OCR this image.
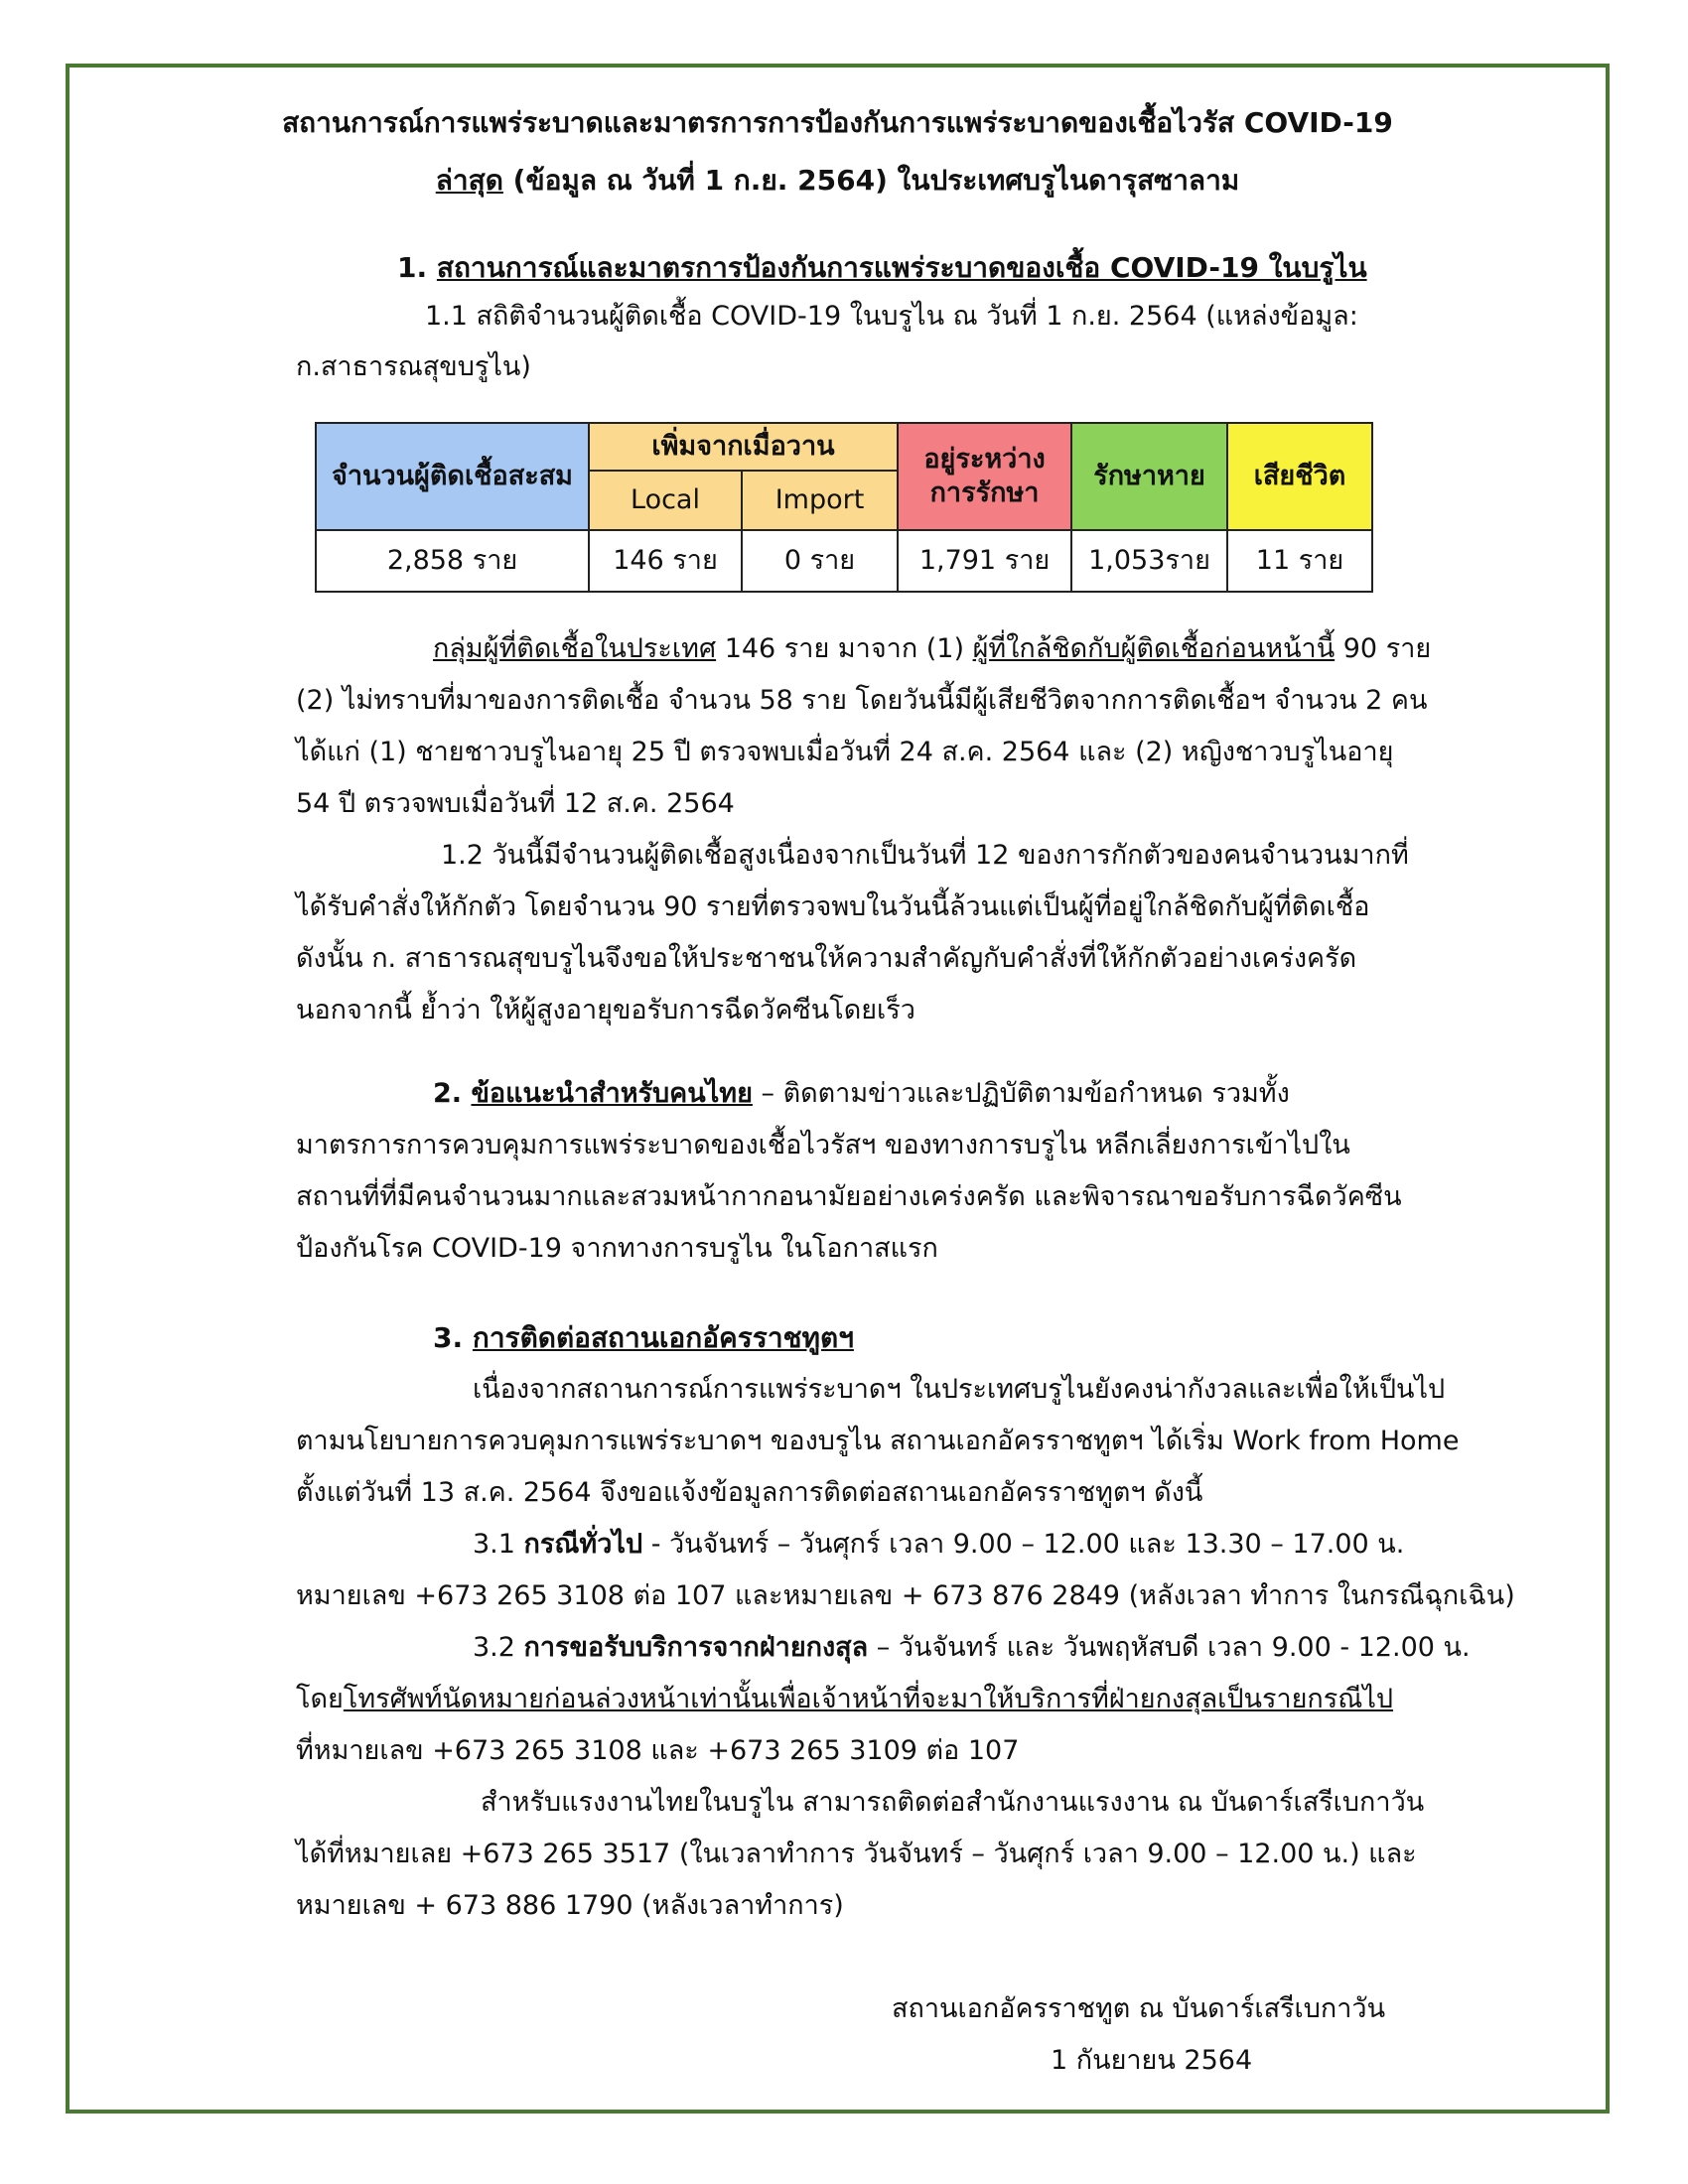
สถานการณ์การแพร่ระบาดและมาตรการการป้องกันการแพร่ระบาดของเชื้อไวรัส COVID-19
ล่าสุด (ข้อมูล ณ วันที่ 1 ก.ย. 2564) ในประเทศบรูไนดารุสซาลาม
1. สถานการณ์และมาตรการป้องกันการแพร่ระบาดของเชื้อ COVID-19 ในบรูไน
1.1 สถิติจำนวนผู้ติดเชื้อ COVID-19 ในบรูไน ณ วันที่ 1 ก.ย. 2564 (แหล่งข้อมูล:
ก.สาธารณสุขบรูไน)
จำนวนผู้ติดเชื้อสะสม	เพิ่มจากเมื่อวาน		อยู่ระหว่างการรักษา	รักษาหาย	เสียชีวิต
	Local	Import			
2,858 ราย	146 ราย	0 ราย	1,791 ราย	1,053ราย	11 ราย
กลุ่มผู้ที่ติดเชื้อในประเทศ 146 ราย มาจาก (1) ผู้ที่ใกล้ชิดกับผู้ติดเชื้อก่อนหน้านี้ 90 ราย
(2) ไม่ทราบที่มาของการติดเชื้อ จำนวน 58 ราย โดยวันนี้มีผู้เสียชีวิตจากการติดเชื้อฯ จำนวน 2 คน
ได้แก่ (1) ชายชาวบรูไนอายุ 25 ปี ตรวจพบเมื่อวันที่ 24 ส.ค. 2564 และ (2) หญิงชาวบรูไนอายุ
54 ปี ตรวจพบเมื่อวันที่ 12 ส.ค. 2564
1.2 วันนี้มีจำนวนผู้ติดเชื้อสูงเนื่องจากเป็นวันที่ 12 ของการกักตัวของคนจำนวนมากที่
ได้รับคำสั่งให้กักตัว โดยจำนวน 90 รายที่ตรวจพบในวันนี้ล้วนแต่เป็นผู้ที่อยู่ใกล้ชิดกับผู้ที่ติดเชื้อ
ดังนั้น ก. สาธารณสุขบรูไนจึงขอให้ประชาชนให้ความสำคัญกับคำสั่งที่ให้กักตัวอย่างเคร่งครัด
นอกจากนี้ ย้ำว่า ให้ผู้สูงอายุขอรับการฉีดวัคซีนโดยเร็ว
2. ข้อแนะนำสำหรับคนไทย – ติดตามข่าวและปฏิบัติตามข้อกำหนด รวมทั้ง
มาตรการการควบคุมการแพร่ระบาดของเชื้อไวรัสฯ ของทางการบรูไน หลีกเลี่ยงการเข้าไปใน
สถานที่ที่มีคนจำนวนมากและสวมหน้ากากอนามัยอย่างเคร่งครัด และพิจารณาขอรับการฉีดวัคซีน
ป้องกันโรค COVID-19 จากทางการบรูไน ในโอกาสแรก
3. การติดต่อสถานเอกอัครราชทูตฯ
เนื่องจากสถานการณ์การแพร่ระบาดฯ ในประเทศบรูไนยังคงน่ากังวลและเพื่อให้เป็นไป
ตามนโยบายการควบคุมการแพร่ระบาดฯ ของบรูไน สถานเอกอัครราชทูตฯ ได้เริ่ม Work from Home
ตั้งแต่วันที่ 13 ส.ค. 2564 จึงขอแจ้งข้อมูลการติดต่อสถานเอกอัครราชทูตฯ ดังนี้
3.1 กรณีทั่วไป - วันจันทร์ – วันศุกร์ เวลา 9.00 – 12.00 และ 13.30 – 17.00 น.
หมายเลข +673 265 3108 ต่อ 107 และหมายเลข + 673 876 2849 (หลังเวลา ทำการ ในกรณีฉุกเฉิน)
3.2 การขอรับบริการจากฝ่ายกงสุล – วันจันทร์ และ วันพฤหัสบดี เวลา 9.00 - 12.00 น.
โดยโทรศัพท์นัดหมายก่อนล่วงหน้าเท่านั้นเพื่อเจ้าหน้าที่จะมาให้บริการที่ฝ่ายกงสุลเป็นรายกรณีไป
ที่หมายเลข +673 265 3108 และ +673 265 3109 ต่อ 107
สำหรับแรงงานไทยในบรูไน สามารถติดต่อสำนักงานแรงงาน ณ บันดาร์เสรีเบกาวัน
ได้ที่หมายเลย +673 265 3517 (ในเวลาทำการ วันจันทร์ – วันศุกร์ เวลา 9.00 – 12.00 น.) และ
หมายเลข + 673 886 1790 (หลังเวลาทำการ)
สถานเอกอัครราชทูต ณ บันดาร์เสรีเบกาวัน
1 กันยายน 2564
